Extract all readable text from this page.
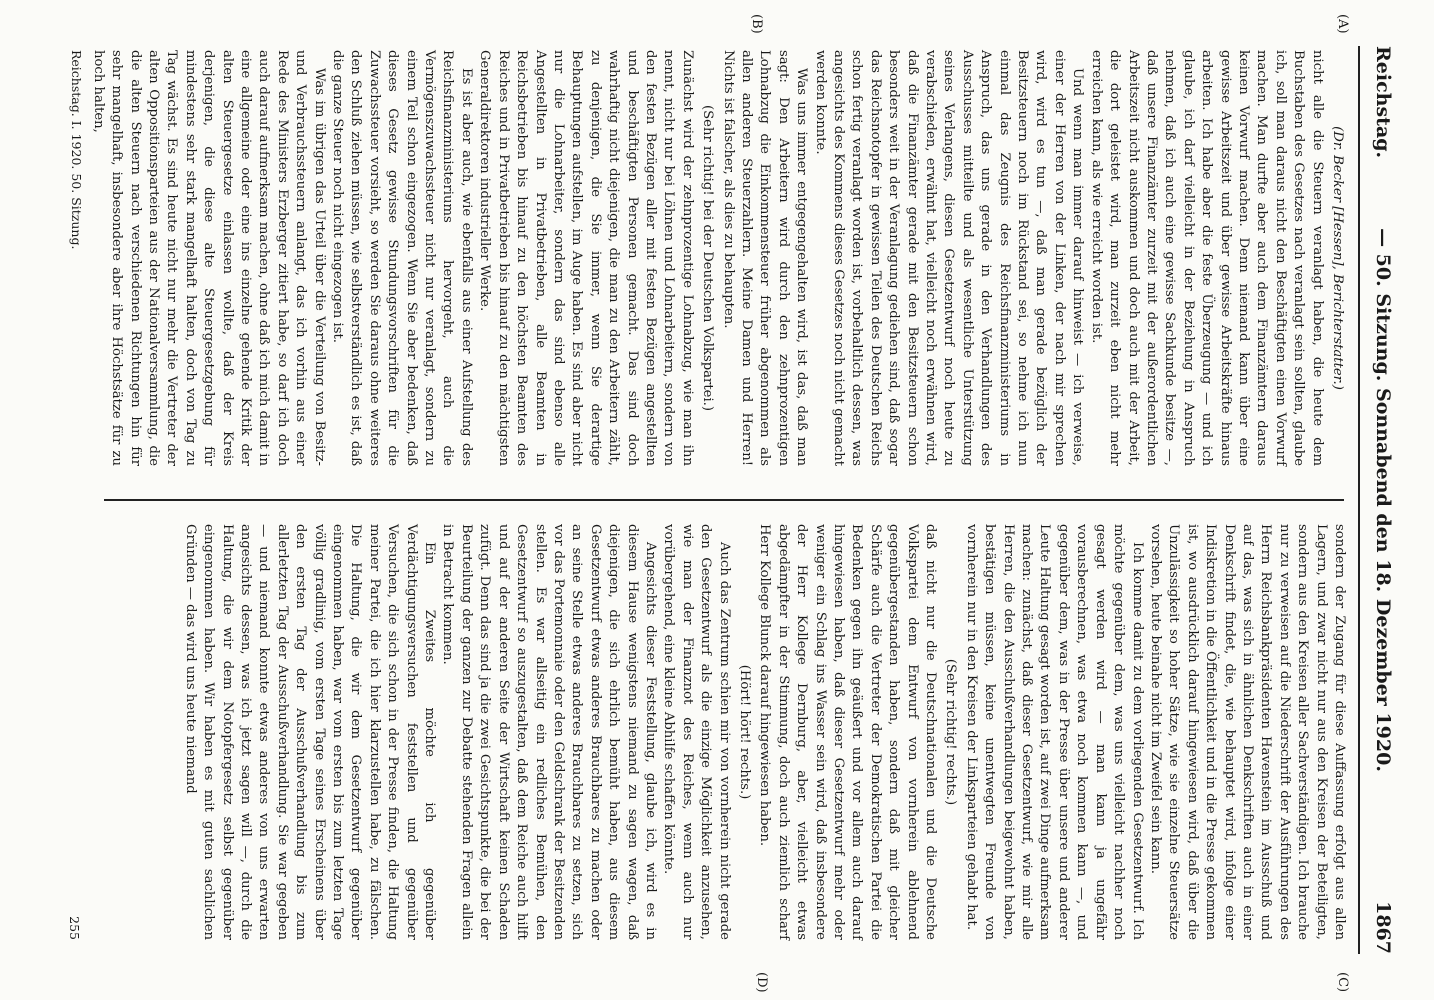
Reichstag.
— 50. Sitzung. Sonnabend den 18. Dezember 1920.
1867
(A)
(B)
(C)
(D)

(Dr. Becker [Hessen], Berichterstatter.)

nicht alle die Steuern veranlagt haben, die heute dem Buchstaben des Gesetzes nach veranlagt sein sollten, glaube ich, soll man daraus nicht den Beschäftigten einen Vorwurf machen. Man durfte aber auch dem Finanzämtern daraus keinen Vorwurf machen. Denn niemand kann über eine gewisse Arbeitszeit und über gewisse Arbeitskräfte hinaus arbeiten. Ich habe aber die feste Überzeugung — und ich glaube, ich darf vielleicht in der Beziehung in Anspruch nehmen, daß ich auch eine gewisse Sachkunde besitze —, daß unsere Finanzämter zurzeit mit der außerordentlichen Arbeitszeit nicht auskommen und doch auch mit der Arbeit, die dort geleistet wird, man zurzeit eben nicht mehr erreichen kann, als wie erreicht worden ist.

Und wenn man immer darauf hinweist — ich verweise, einer der Herren von der Linken, der nach mir sprechen wird, wird es tun —, daß man gerade bezüglich der Besitzsteuern noch im Rückstand sei, so nehme ich nun einmal das Zeugnis des Reichsfinanzministeriums in Anspruch, das uns gerade in den Verhandlungen des Ausschusses mitteilte und als wesentliche Unterstützung seines Verlangens, diesen Gesetzentwurf noch heute zu verabschieden, erwähnt hat, vielleicht noch erwähnen wird, daß die Finanzämter gerade mit den Besitzsteuern schon besonders weit in der Veranlagung gediehen sind, daß sogar das Reichsnotopfer in gewissen Teilen des Deutschen Reichs schon fertig veranlagt worden ist, vorbehaltlich dessen, was angesichts des Kommens dieses Gesetzes noch nicht gemacht werden konnte.

Was uns immer entgegengehalten wird, ist das, daß man sagt: Den Arbeitern wird durch den zehnprozentigen Lohnabzug die Einkommensteuer früher abgenommen als allen anderen Steuerzahlern. Meine Damen und Herren! Nichts ist falscher, als dies zu behaupten.

(Sehr richtig! bei der Deutschen Volkspartei.)

Zunächst wird der zehnprozentige Lohnabzug, wie man ihn nennt, nicht nur bei Löhnen und Lohnarbeitern, sondern von den festen Bezügen aller mit festen Bezügen angestellten und beschäftigten Personen gemacht. Das sind doch wahrhaftig nicht diejenigen, die man zu den Arbeitern zählt, zu denjenigen, die Sie immer, wenn Sie derartige Behauptungen aufstellen, im Auge haben. Es sind aber nicht nur die Lohnarbeiter, sondern das sind ebenso alle Angestellten in Privatbetrieben, alle Beamten in Reichsbetrieben bis hinauf zu den höchsten Beamten des Reiches und in Privatbetrieben bis hinauf zu den mächtigsten Generaldirektoren industrieller Werke.

Es ist aber auch, wie ebenfalls aus einer Aufstellung des Reichsfinanzministeriums hervorgeht, auch die Vermögenszuwachssteuer nicht nur veranlagt, sondern zu einem Teil schon eingezogen. Wenn Sie aber bedenken, daß dieses Gesetz gewisse Stundungsvorschriften für die Zuwachssteuer vorsieht, so werden Sie daraus ohne weiteres den Schluß ziehen müssen, wie selbstverständlich es ist, daß die ganze Steuer noch nicht eingezogen ist.

Was im übrigen das Urteil über die Verteilung von Besitz- und Verbrauchssteuern anlangt, das ich vorhin aus einer Rede des Ministers Erzberger zitiert habe, so darf ich doch auch darauf aufmerksam machen, ohne daß ich mich damit in eine allgemeine oder eine ins einzelne gehende Kritik der alten Steuergesetze einlassen wollte, daß der Kreis derjenigen, die diese alte Steuergesetzgebung für mindestens sehr stark mangelhaft halten, doch von Tag zu Tag wächst. Es sind heute nicht nur mehr die Vertreter der alten Oppositionsparteien aus der Nationalversammlung, die die alten Steuern nach verschiedenen Richtungen hin für sehr mangelhaft, insbesondere aber ihre Höchstsätze für zu hoch halten,

sondern der Zugang für diese Auffassung erfolgt aus allen Lagern, und zwar nicht nur aus den Kreisen der Beteiligten, sondern aus den Kreisen aller Sachverständigen. Ich brauche nur zu verweisen auf die Niederschrift der Ausführungen des Herrn Reichsbankpräsidenten Havenstein im Ausschuß und auf das, was sich in ähnlichen Denkschriften auch in einer Denkschrift findet, die, wie behauptet wird, infolge einer Indiskretion in die Öffentlichkeit und in die Presse gekommen ist, wo ausdrücklich darauf hingewiesen wird, daß über die Unzulässigkeit so hoher Sätze, wie sie einzelne Steuersätze vorsehen, heute beinahe nicht im Zweifel sein kann.

Ich komme damit zu dem vorliegenden Gesetzentwurf. Ich möchte gegenüber dem, was uns vielleicht nachher noch gesagt werden wird — man kann ja ungefähr vorausberechnen, was etwa noch kommen kann —, und gegenüber dem, was in der Presse über unsere und anderer Leute Haltung gesagt worden ist, auf zwei Dinge aufmerksam machen: zunächst, daß dieser Gesetzentwurf, wie mir alle Herren, die den Ausschußverhandlungen beigewohnt haben, bestätigen müssen, keine unentwegten Freunde von vornherein nur in den Kreisen der Linksparteien gehabt hat.

(Sehr richtig! rechts.)

daß nicht nur die Deutschnationalen und die Deutsche Volkspartei dem Entwurf von vornherein ablehnend gegenübergestanden haben, sondern daß mit gleicher Schärfe auch die Vertreter der Demokratischen Partei die Bedenken gegen ihn geäußert und vor allem auch darauf hingewiesen haben, daß dieser Gesetzentwurf mehr oder weniger ein Schlag ins Wasser sein wird, daß insbesondere der Herr Kollege Dernburg, aber, vielleicht etwas abgedämpfter in der Stimmung, doch auch ziemlich scharf Herr Kollege Blunck darauf hingewiesen haben.

(Hört! hört! rechts.)

Auch das Zentrum schien mir von vornherein nicht gerade den Gesetzentwurf als die einzige Möglichkeit anzusehen, wie man der Finanznot des Reiches, wenn auch nur vorübergehend, eine kleine Abhilfe schaffen könnte.

Angesichts dieser Feststellung, glaube ich, wird es in diesem Hause wenigstens niemand zu sagen wagen, daß diejenigen, die sich ehrlich bemüht haben, aus diesem Gesetzentwurf etwas anderes Brauchbares zu machen oder an seine Stelle etwas anderes Brauchbares zu setzen, sich vor das Portemonnaie oder den Geldschrank der Besitzenden stellen. Es war allseitig ein redliches Bemühen, den Gesetzentwurf so auszugestalten, daß dem Reiche auch hilft und auf der anderen Seite der Wirtschaft keinen Schaden zufügt. Denn das sind ja die zwei Gesichtspunkte, die bei der Beurteilung der ganzen zur Debatte stehenden Fragen allein in Betracht kommen.

Ein Zweites möchte ich gegenüber Verdächtigungsversuchen feststellen und gegenüber Versuchen, die sich schon in der Presse finden, die Haltung meiner Partei, die ich hier klarzustellen habe, zu fälschen. Die Haltung, die wir dem Gesetzentwurf gegenüber eingenommen haben, war vom ersten bis zum letzten Tage völlig gradlinig, vom ersten Tage seines Erscheinens über den ersten Tag der Ausschußverhandlung bis zum allerletzten Tag der Ausschußverhandlung. Sie war gegeben — und niemand konnte etwas anderes von uns erwarten angesichts dessen, was ich jetzt sagen will —, durch die Haltung, die wir dem Notopfergesetz selbst gegenüber eingenommen haben. Wir haben es mit guten sachlichen Gründen — das wird uns heute niemand

Reichstag. I. 1920. 50. Sitzung.
255
